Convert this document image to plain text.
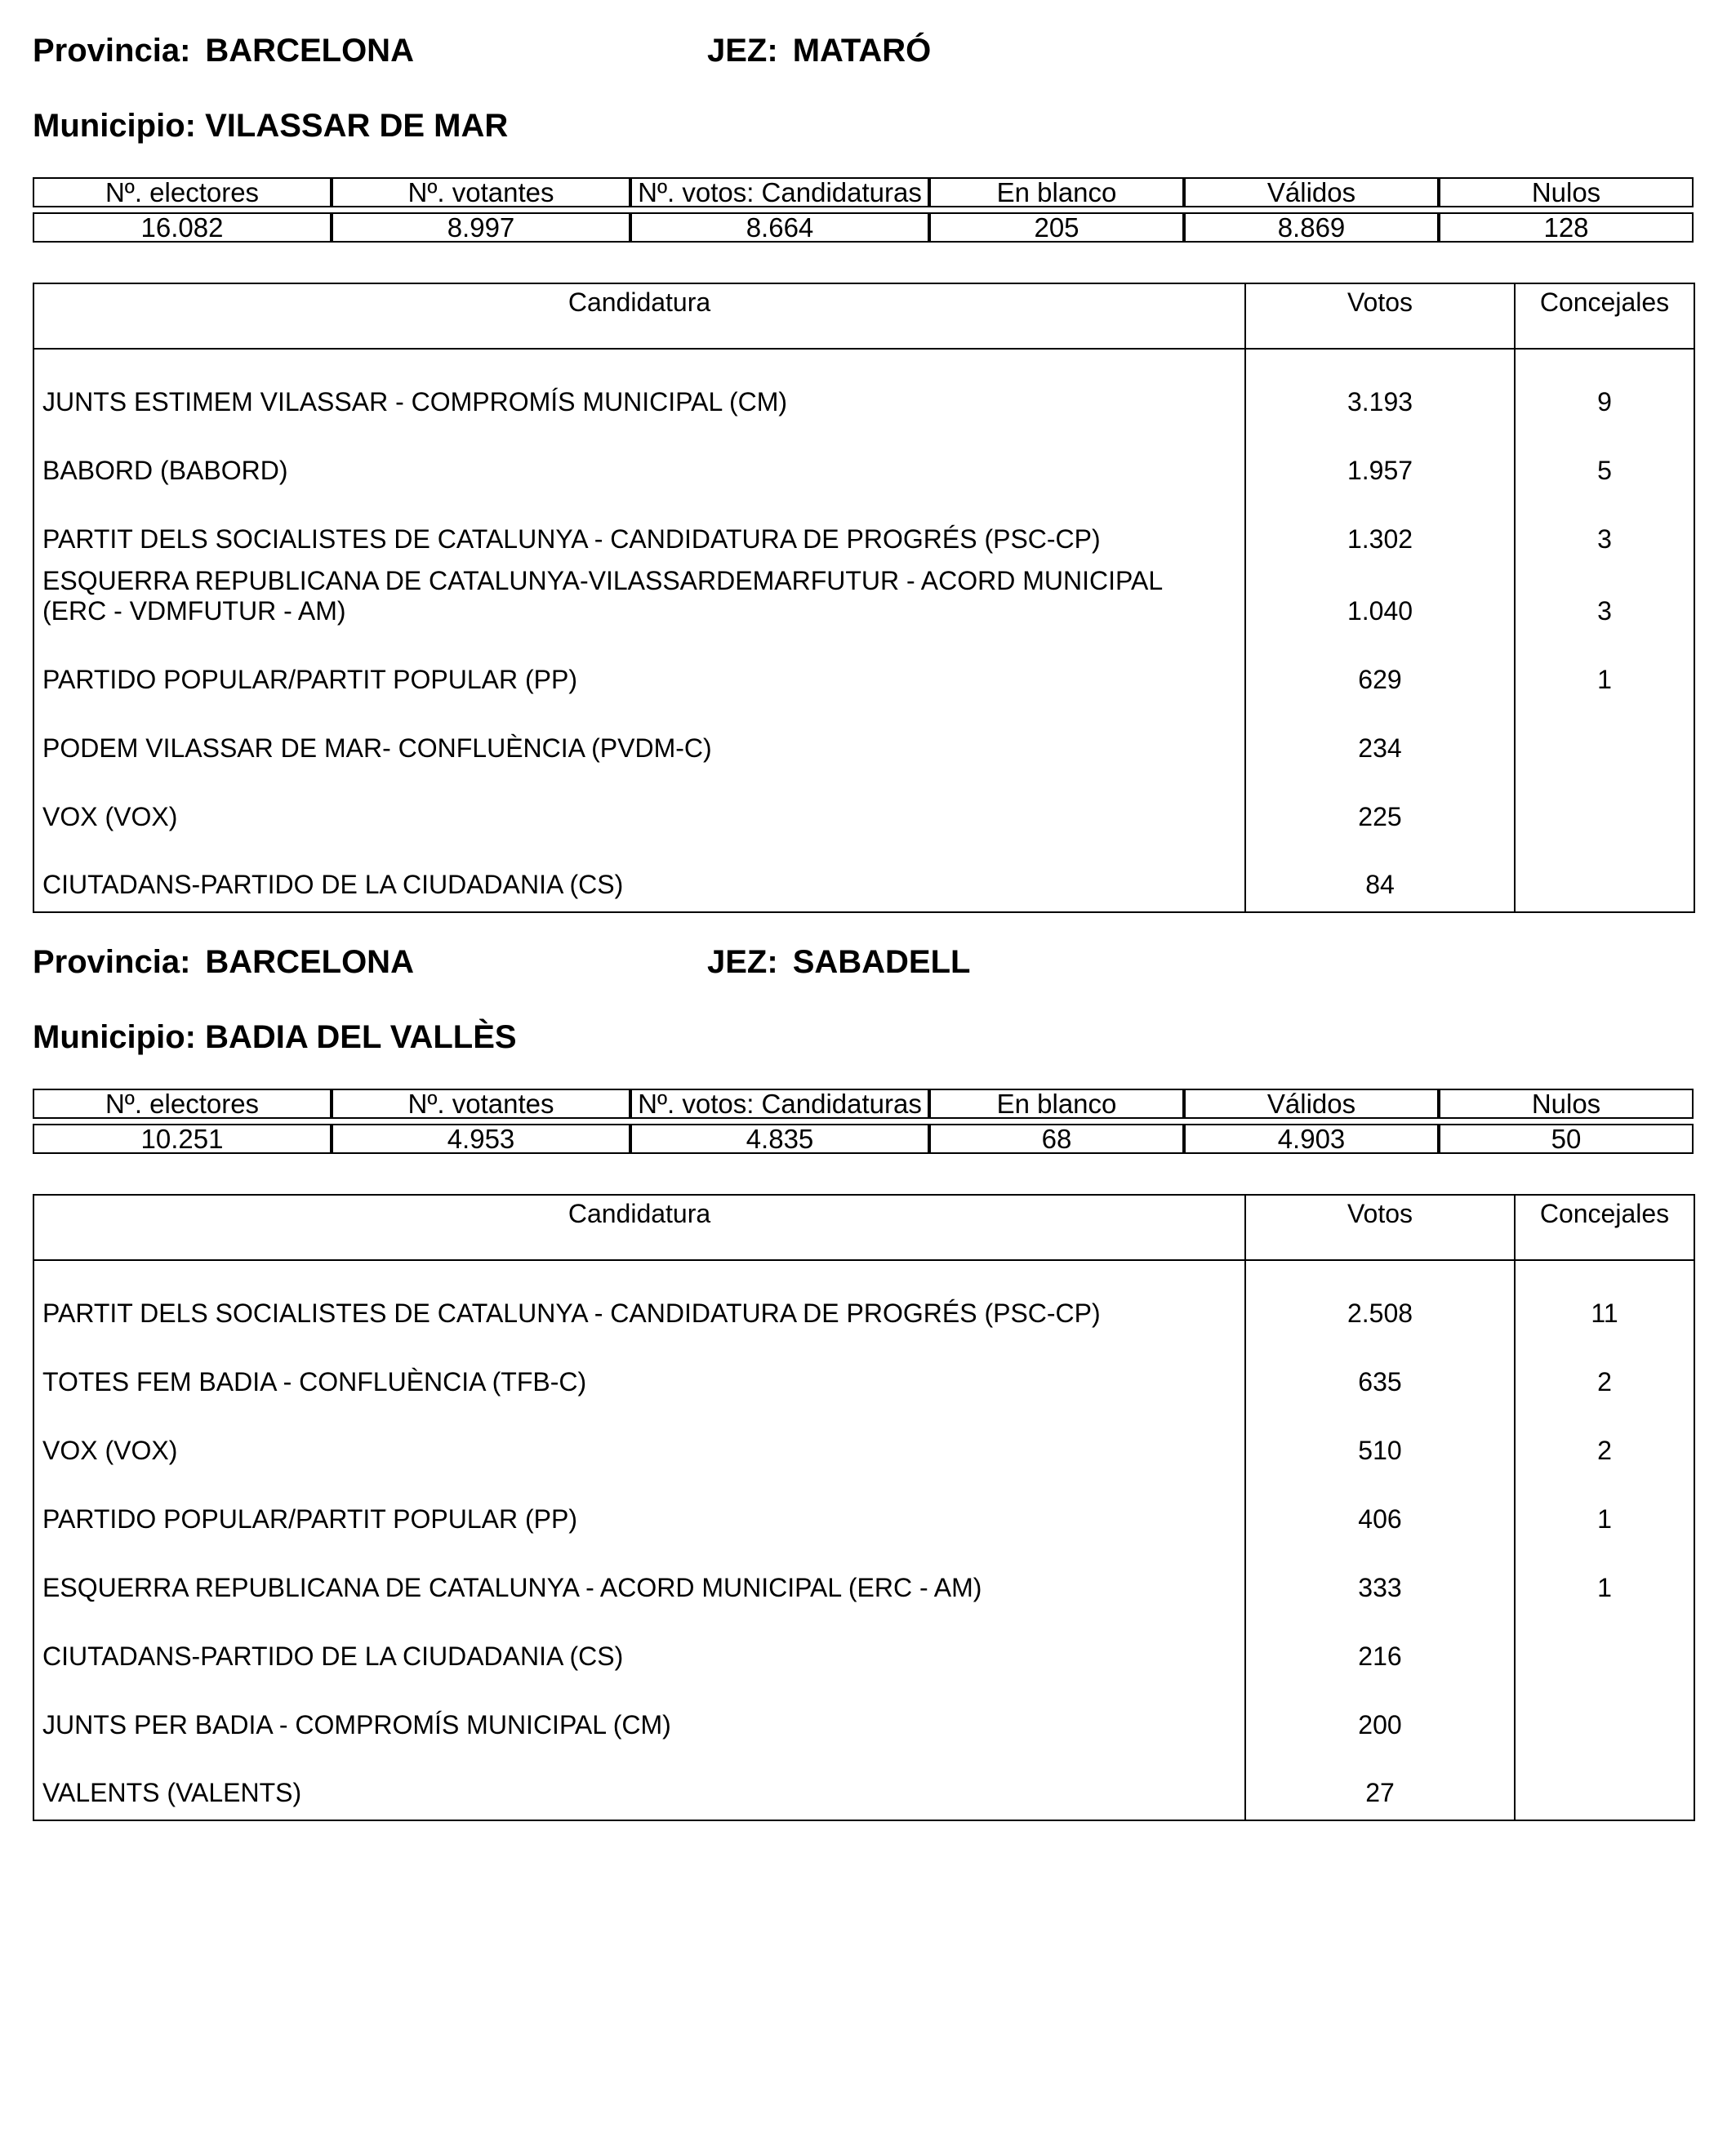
Provincia: BARCELONA	JEZ: MATARÓ
Municipio: VILASSAR DE MAR
Nº. electores	Nº. votantes	Nº. votos: Candidaturas	En blanco	Válidos	Nulos

16.082	8.997	8.664	205	8.869	128
Candidatura	Votos	Concejales
JUNTS ESTIMEM VILASSAR - COMPROMÍS MUNICIPAL (CM)	3.193	9
BABORD (BABORD)	1.957	5
PARTIT DELS SOCIALISTES DE CATALUNYA - CANDIDATURA DE PROGRÉS (PSC-CP)	1.302	3

ESQUERRA REPUBLICANA DE CATALUNYA-VILASSARDEMARFUTUR - ACORD MUNICIPAL
(ERC - VDMFUTUR - AM)	1.040	3
PARTIDO POPULAR/PARTIT POPULAR (PP)	629	1
PODEM VILASSAR DE MAR- CONFLUÈNCIA (PVDM-C)	234	
VOX (VOX)	225	
CIUTADANS-PARTIDO DE LA CIUDADANIA (CS)	84	
Provincia: BARCELONA	JEZ: SABADELL
Municipio: BADIA DEL VALLÈS
Nº. electores	Nº. votantes	Nº. votos: Candidaturas	En blanco	Válidos	Nulos

10.251	4.953	4.835	68	4.903	50
Candidatura	Votos	Concejales
PARTIT DELS SOCIALISTES DE CATALUNYA - CANDIDATURA DE PROGRÉS (PSC-CP)	2.508	11
TOTES FEM BADIA - CONFLUÈNCIA (TFB-C)	635	2
VOX (VOX)	510	2
PARTIDO POPULAR/PARTIT POPULAR (PP)	406	1
ESQUERRA REPUBLICANA DE CATALUNYA - ACORD MUNICIPAL (ERC - AM)	333	1
CIUTADANS-PARTIDO DE LA CIUDADANIA (CS)	216	
JUNTS PER BADIA - COMPROMÍS MUNICIPAL (CM)	200	
VALENTS (VALENTS)	27	
